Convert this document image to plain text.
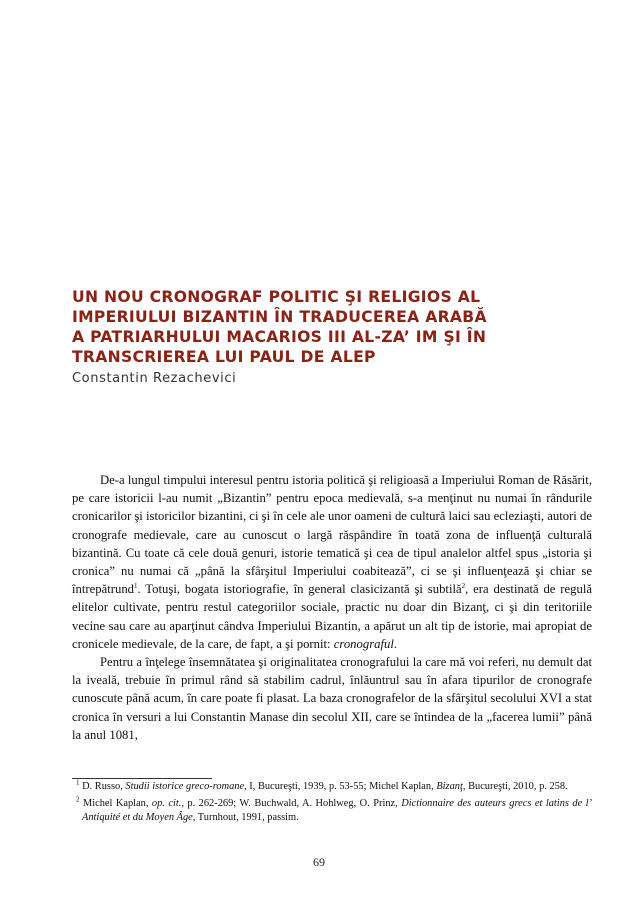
UN NOU CRONOGRAF POLITIC ŞI RELIGIOS AL
IMPERIULUI BIZANTIN ÎN TRADUCEREA ARABĂ
A PATRIARHULUI MACARIOS III AL-ZA’ IM ŞI ÎN
TRANSCRIEREA LUI PAUL DE ALEP

Constantin Rezachevici

De-a lungul timpului interesul pentru istoria politică şi religioasă a Imperiului Roman de Răsărit, pe care istoricii l-au numit „Bizantin” pentru epoca medievală, s-a menţinut nu numai în rândurile cronicarilor şi istoricilor bizantini, ci şi în cele ale unor oameni de cultură laici sau ecleziaşti, autori de cronografe medievale, care au cunoscut o largă răspândire în toată zona de influenţă culturală bizantină. Cu toate că cele două genuri, istorie tematică şi cea de tipul analelor altfel spus „istoria şi cronica” nu numai că „până la sfârşitul Imperiului coabitează”, ci se şi influenţează şi chiar se întrepătrund$^1$. Totuşi, bogata istoriografie, în general clasicizantă şi subtilă$^2$, era destinată de regulă elitelor cultivate, pentru restul categoriilor sociale, practic nu doar din Bizanţ, ci şi din teritoriile vecine sau care au aparţinut cândva Imperiului Bizantin, a apărut un alt tip de istorie, mai apropiat de cronicele medievale, de la care, de fapt, a şi pornit: cronograful.

Pentru a înţelege însemnătatea şi originalitatea cronografului la care mă voi referi, nu demult dat la iveală, trebuie în primul rând să stabilim cadrul, înlăuntrul sau în afara tipurilor de cronografe cunoscute până acum, în care poate fi plasat. La baza cronografelor de la sfârşitul secolului XVI a stat cronica în versuri a lui Constantin Manase din secolul XII, care se întindea de la „facerea lumii” până la anul 1081,

$^1$ D. Russo, Studii istorice greco-romane, I, Bucureşti, 1939, p. 53-55; Michel Kaplan, Bizanţ, Bucureşti, 2010, p. 258.

$^2$ Michel Kaplan, op. cit., p. 262-269; W. Buchwald, A. Hohlweg, O. Prinz, Dictionnaire des auteurs grecs et latins de l’ Antiquité et du Moyen Âge, Turnhout, 1991, passim.

69
